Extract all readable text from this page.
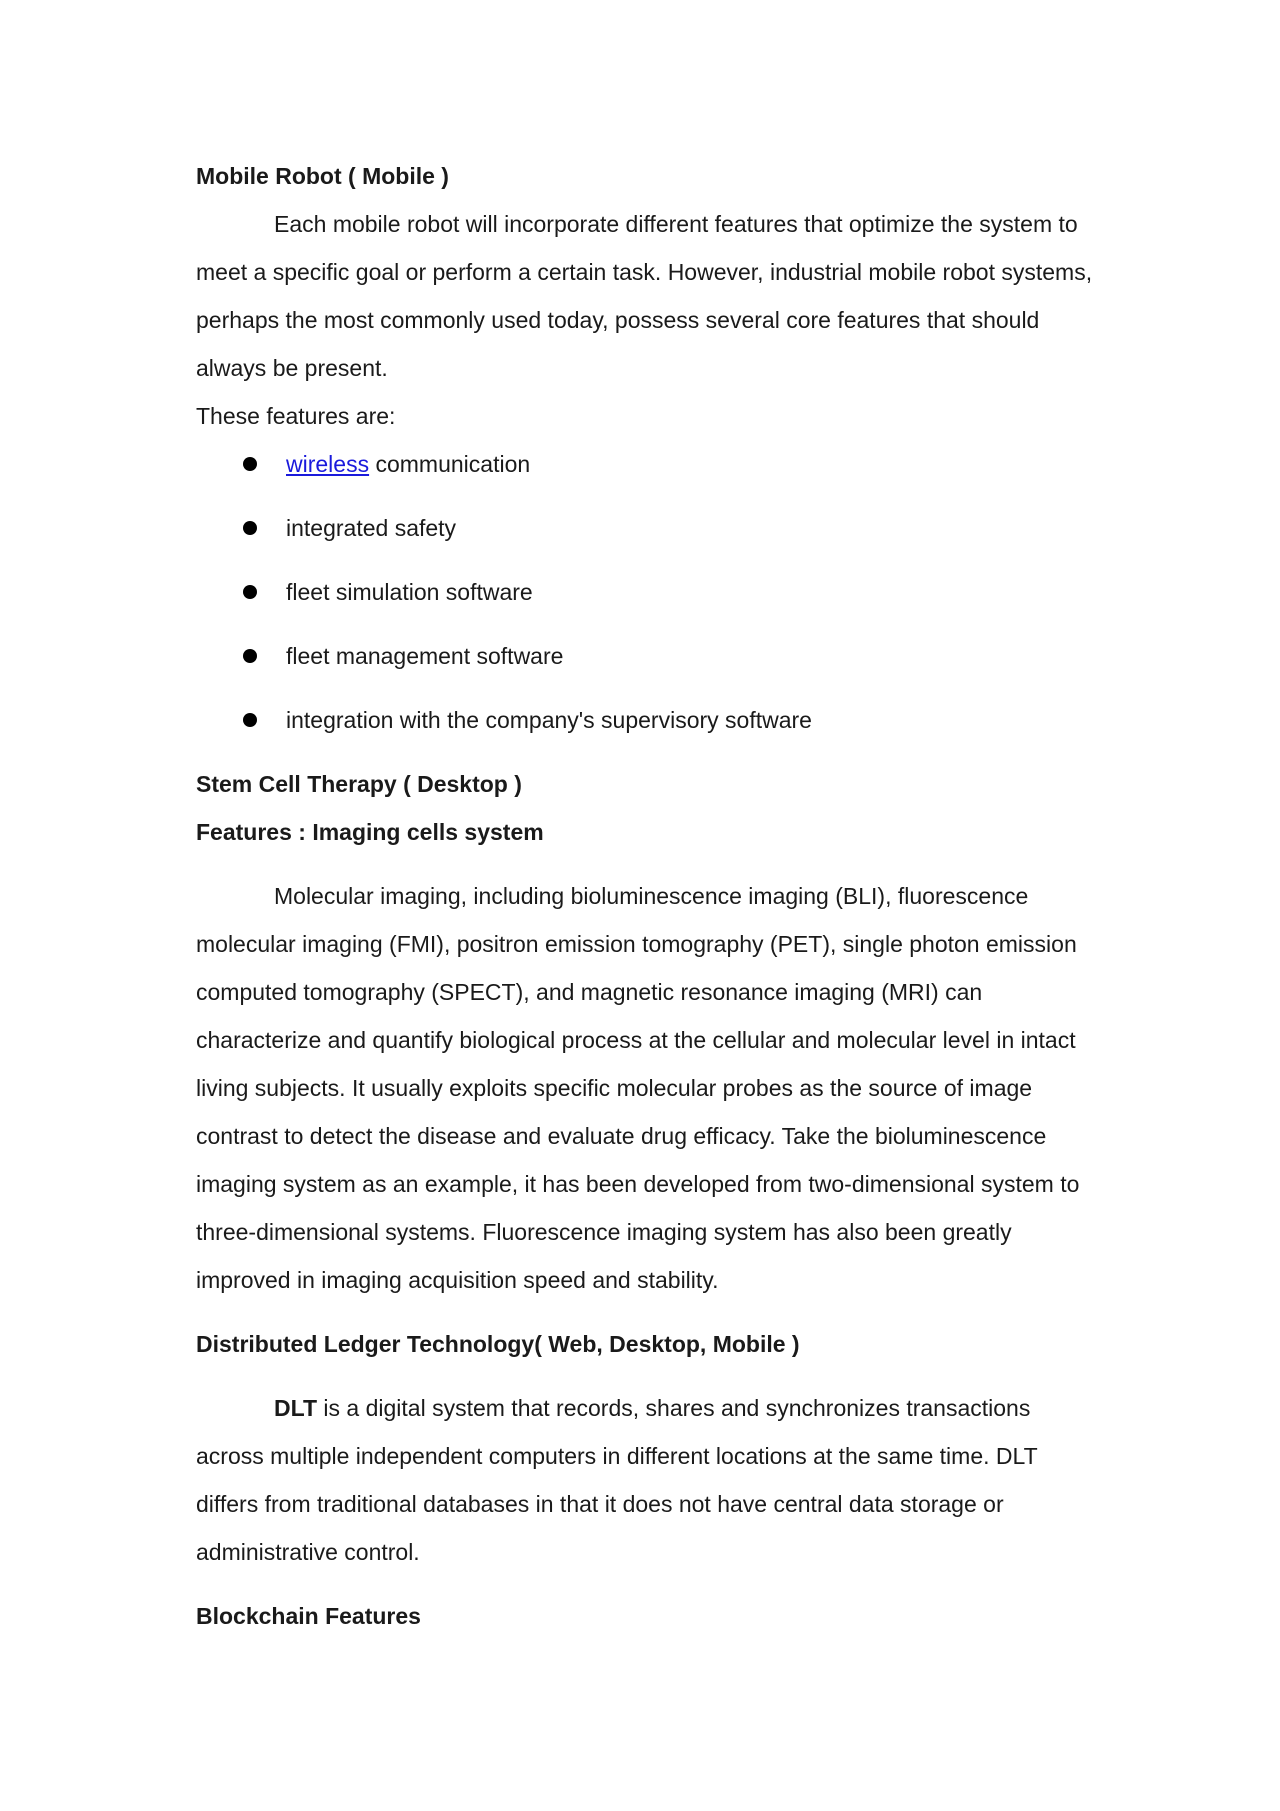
Mobile Robot ( Mobile )

Each mobile robot will incorporate different features that optimize the system to meet a specific goal or perform a certain task. However, industrial mobile robot systems, perhaps the most commonly used today, possess several core features that should always be present.

These features are:

wireless communication
integrated safety
fleet simulation software
fleet management software
integration with the company's supervisory software

Stem Cell Therapy ( Desktop )

Features : Imaging cells system

Molecular imaging, including bioluminescence imaging (BLI), fluorescence molecular imaging (FMI), positron emission tomography (PET), single photon emission computed tomography (SPECT), and magnetic resonance imaging (MRI) can characterize and quantify biological process at the cellular and molecular level in intact living subjects. It usually exploits specific molecular probes as the source of image contrast to detect the disease and evaluate drug efficacy. Take the bioluminescence imaging system as an example, it has been developed from two-dimensional system to three-dimensional systems. Fluorescence imaging system has also been greatly improved in imaging acquisition speed and stability.

Distributed Ledger Technology( Web, Desktop, Mobile )

DLT is a digital system that records, shares and synchronizes transactions across multiple independent computers in different locations at the same time. DLT differs from traditional databases in that it does not have central data storage or administrative control.

Blockchain Features
